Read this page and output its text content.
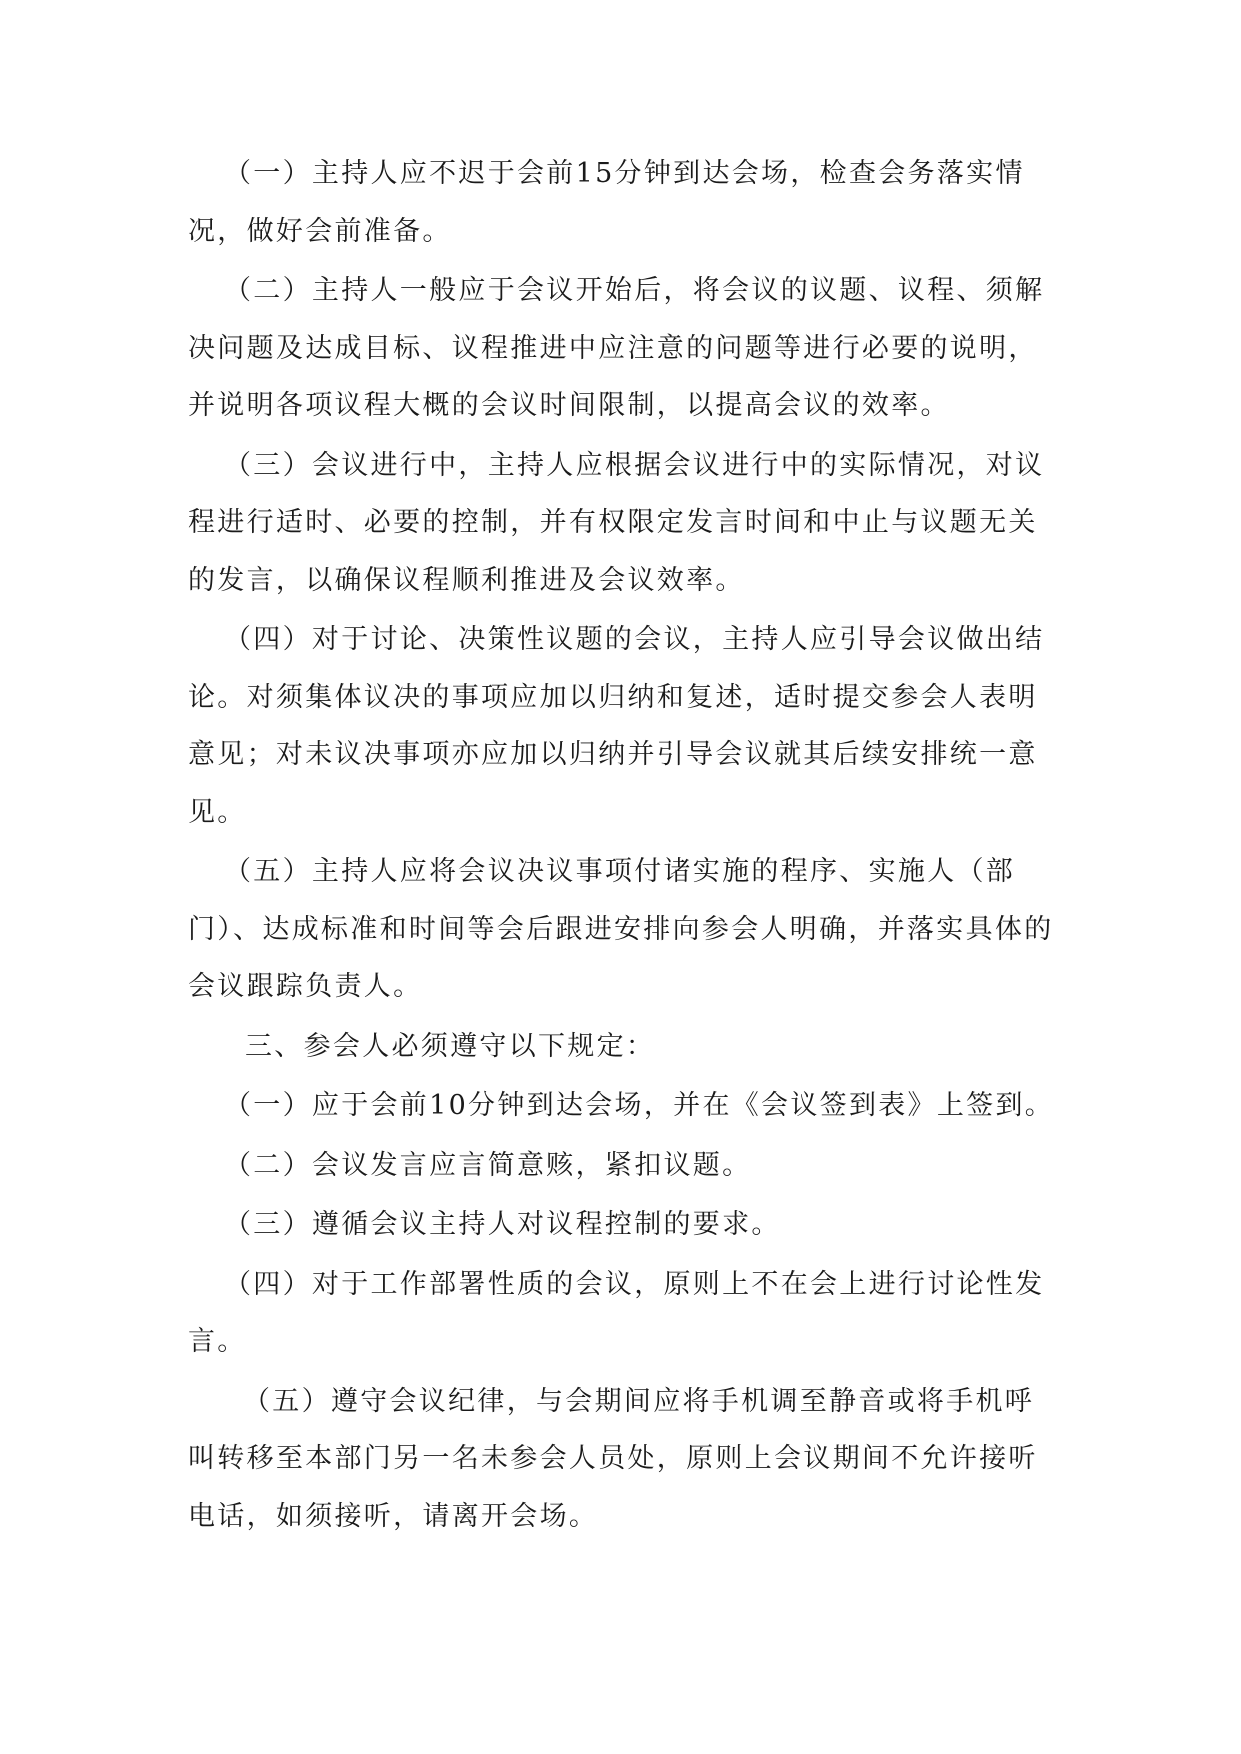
（一）主持人应不迟于会前15分钟到达会场，检查会务落实情况，做好会前准备。

（二）主持人一般应于会议开始后，将会议的议题、议程、须解决问题及达成目标、议程推进中应注意的问题等进行必要的说明，并说明各项议程大概的会议时间限制，以提高会议的效率。

（三）会议进行中，主持人应根据会议进行中的实际情况，对议程进行适时、必要的控制，并有权限定发言时间和中止与议题无关的发言，以确保议程顺利推进及会议效率。

（四）对于讨论、决策性议题的会议，主持人应引导会议做出结论。对须集体议决的事项应加以归纳和复述，适时提交参会人表明意见；对未议决事项亦应加以归纳并引导会议就其后续安排统一意见。

（五）主持人应将会议决议事项付诸实施的程序、实施人（部门）、达成标准和时间等会后跟进安排向参会人明确，并落实具体的会议跟踪负责人。

三、参会人必须遵守以下规定：

（一）应于会前10分钟到达会场，并在《会议签到表》上签到。

（二）会议发言应言简意赅，紧扣议题。

（三）遵循会议主持人对议程控制的要求。

（四）对于工作部署性质的会议，原则上不在会上进行讨论性发言。

（五）遵守会议纪律，与会期间应将手机调至静音或将手机呼叫转移至本部门另一名未参会人员处，原则上会议期间不允许接听电话，如须接听，请离开会场。
